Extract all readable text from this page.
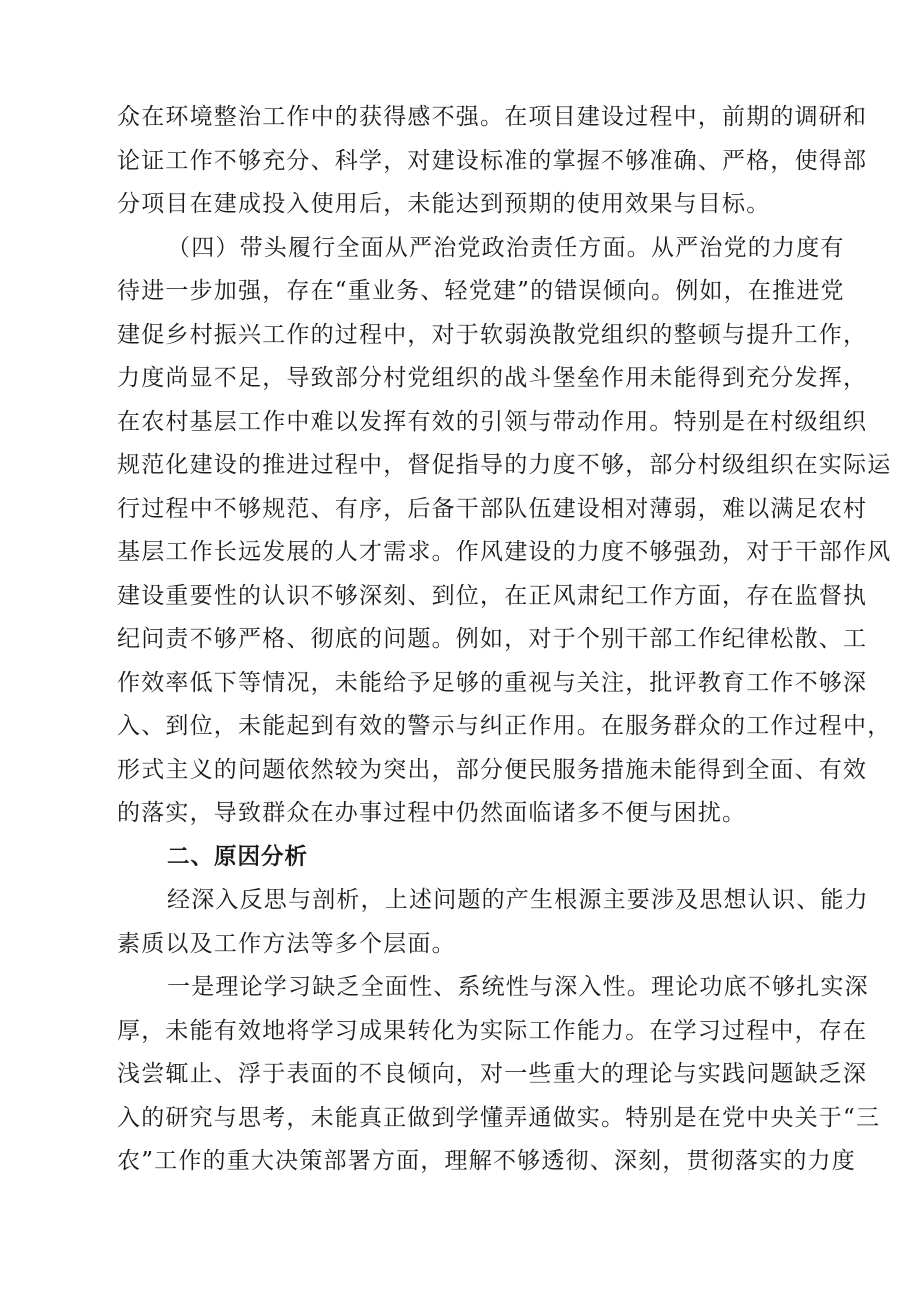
众在环境整治工作中的获得感不强。在项目建设过程中，前期的调研和
论证工作不够充分、科学，对建设标准的掌握不够准确、严格，使得部
分项目在建成投入使用后，未能达到预期的使用效果与目标。
（四）带头履行全面从严治党政治责任方面。从严治党的力度有
待进一步加强，存在“重业务、轻党建”的错误倾向。例如，在推进党
建促乡村振兴工作的过程中，对于软弱涣散党组织的整顿与提升工作，
力度尚显不足，导致部分村党组织的战斗堡垒作用未能得到充分发挥，
在农村基层工作中难以发挥有效的引领与带动作用。特别是在村级组织
规范化建设的推进过程中，督促指导的力度不够，部分村级组织在实际运
行过程中不够规范、有序，后备干部队伍建设相对薄弱，难以满足农村
基层工作长远发展的人才需求。作风建设的力度不够强劲，对于干部作风
建设重要性的认识不够深刻、到位，在正风肃纪工作方面，存在监督执
纪问责不够严格、彻底的问题。例如，对于个别干部工作纪律松散、工
作效率低下等情况，未能给予足够的重视与关注，批评教育工作不够深
入、到位，未能起到有效的警示与纠正作用。在服务群众的工作过程中，
形式主义的问题依然较为突出，部分便民服务措施未能得到全面、有效
的落实，导致群众在办事过程中仍然面临诸多不便与困扰。
二、原因分析
经深入反思与剖析，上述问题的产生根源主要涉及思想认识、能力
素质以及工作方法等多个层面。
一是理论学习缺乏全面性、系统性与深入性。理论功底不够扎实深
厚，未能有效地将学习成果转化为实际工作能力。在学习过程中，存在
浅尝辄止、浮于表面的不良倾向，对一些重大的理论与实践问题缺乏深
入的研究与思考，未能真正做到学懂弄通做实。特别是在党中央关于“三
农”工作的重大决策部署方面，理解不够透彻、深刻，贯彻落实的力度
